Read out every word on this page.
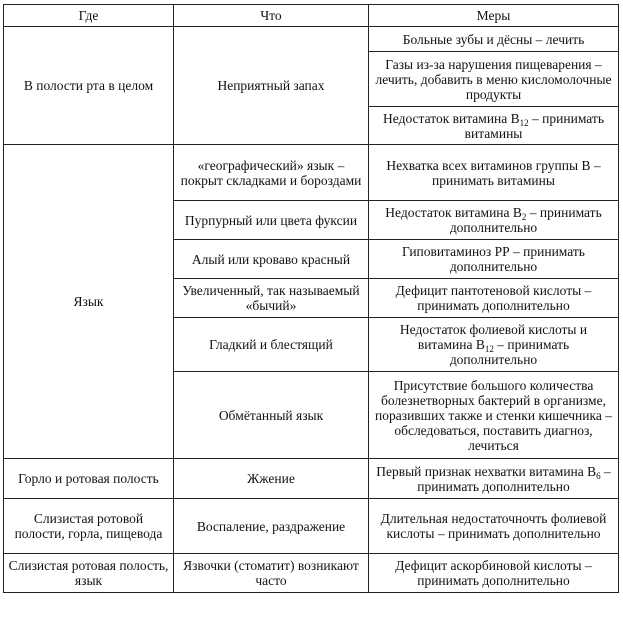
Где	Что	Меры
В полости рта в целом	Неприятный запах	Больные зубы и дёсны – лечить
		Газы из-за нарушения пищеварения – лечить, добавить в меню кисломолочные продукты
		Недостаток витамина $B_{12}$ – принимать витамины
Язык	«географический» язык – покрыт складками и бороздами	Нехватка всех витаминов группы В – принимать витамины
	Пурпурный или цвета фуксии	Недостаток витамина $B_2$ – принимать дополнительно
	Алый или кроваво красный	Гиповитаминоз РР – принимать дополнительно
	Увеличенный, так называемый «бычий»	Дефицит пантотеновой кислоты – принимать дополнительно
	Гладкий и блестящий	Недостаток фолиевой кислоты и витамина $B_{12}$ – принимать дополнительно
	Обмётанный язык	Присутствие большого количества болезнетворных бактерий в организме, поразивших также и стенки кишечника – обследоваться, поставить диагноз, лечиться
Горло и ротовая полость	Жжение	Первый признак нехватки витамина $B_6$ – принимать дополнительно
Слизистая ротовой полости, горла, пищевода	Воспаление, раздражение	Длительная недостаточночть фолиевой кислоты – принимать дополнительно
Слизистая ротовая полость, язык	Язвочки (стоматит) возникают часто	Дефицит аскорбиновой кислоты – принимать дополнительно
